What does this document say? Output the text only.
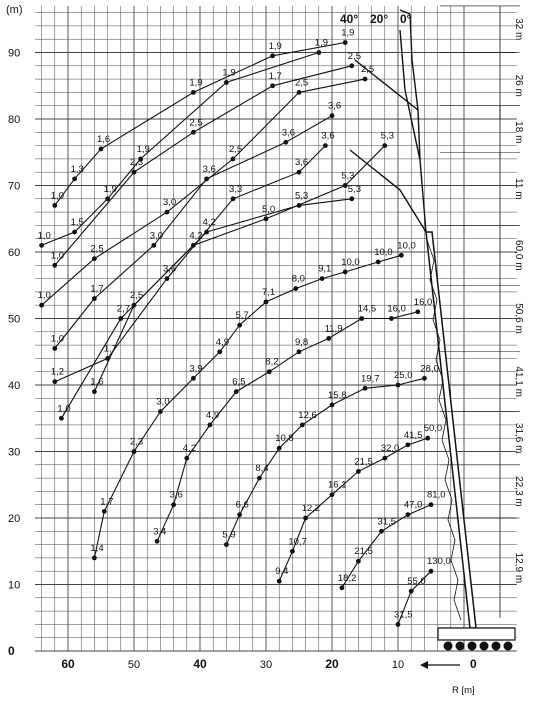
1,0
1,3
1,6
1,9
1,9
1,9
1,0
1,5
1,9
1,9
1,9
1,9
1,0
2,3
2,5
1,7
2,5
1,0
2,5
3,0
2,5
2,5
2,5
1,0
1,7
3,0
3,6
3,6
3,6
1,2
1,7
3,6
3,3
3,6
3,6
1,0
2,7
4,2
5,0
5,3
5,3
1,6
2,5
4,2
5,3
5,3
1,4
1,7
2,3
3,0
3,9
4,9
5,7
7,1
8,0
9,1
10,0
10,0
10,0
3,4
3,6
4,2
4,9
6,5
8,2
9,8
11,9
14,5 16,0
16,0
5,9
6,6
8,4
10,8
12,6
15,8
19,7 25,0
28,0
9,4
10,7
12,2
16,1
21,5
32,0
41,5
50,0
18,2
21,5
31,5
47,0
81,0
31,5
55,0
130,0
60	50	40	30	20	10
0
10
20
30
40
50
60
70
80
90
32 m
26 m
18 m
11 m
60,0 m
50,6 m
41,1 m
31,6 m
22,3 m
12,9 m
40° 20° 0°
(m)
0
R [m]
